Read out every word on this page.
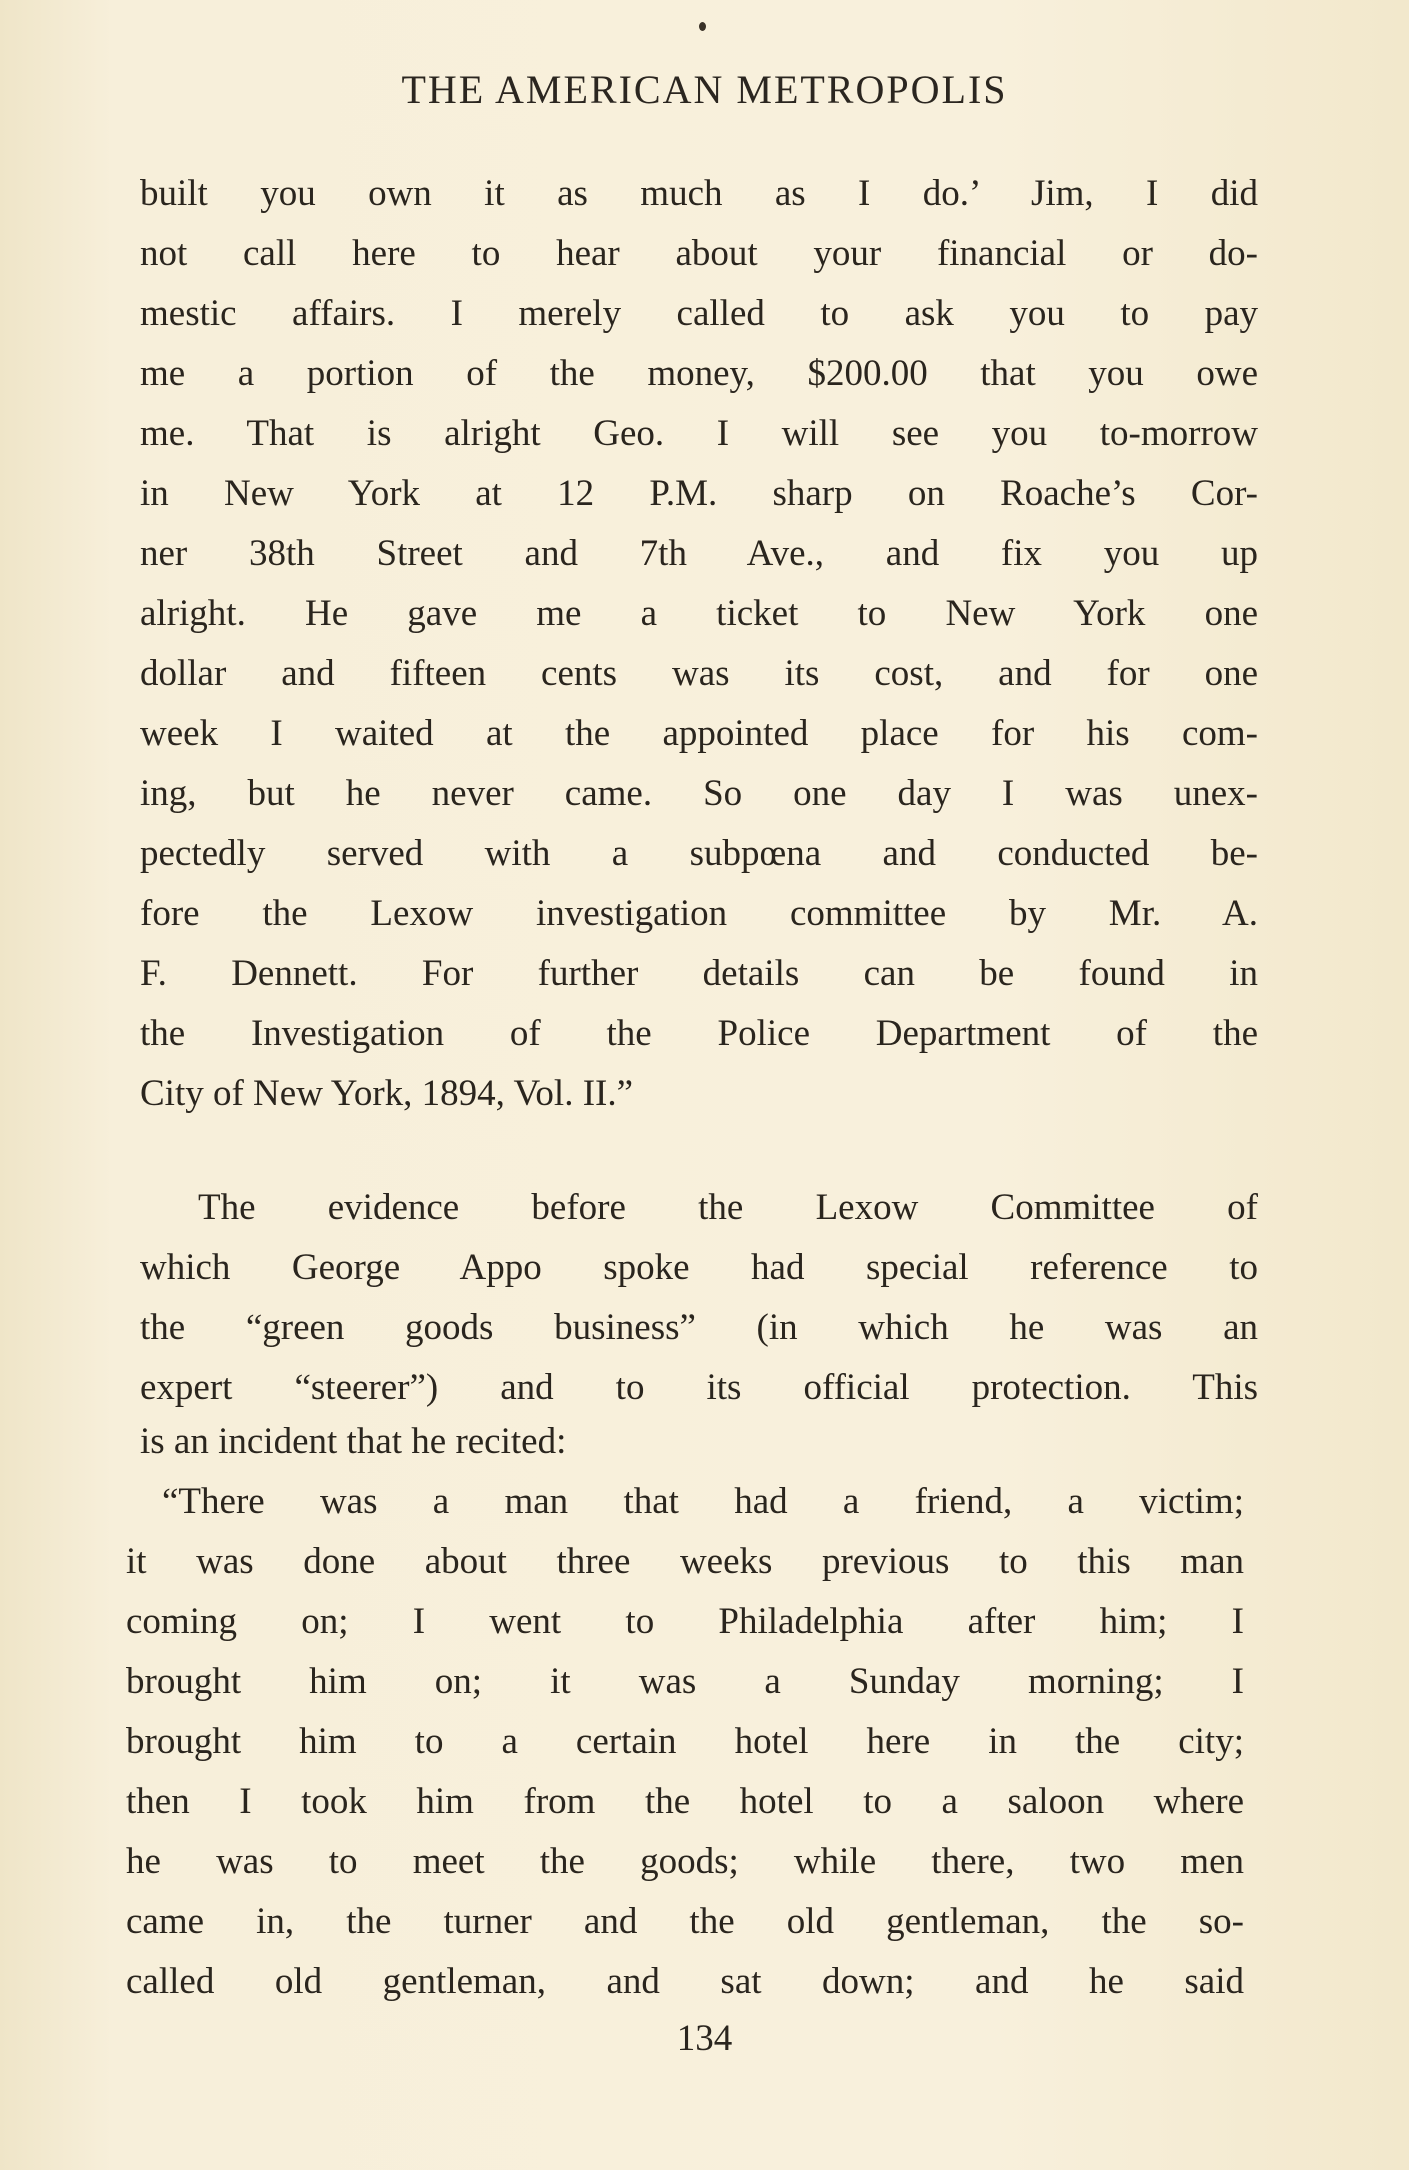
THE AMERICAN METROPOLIS
built you own it as much as I do.’ Jim, I did
not call here to hear about your financial or do-
mestic affairs. I merely called to ask you to pay
me a portion of the money, $200.00 that you owe
me. That is alright Geo. I will see you to-morrow
in New York at 12 P.M. sharp on Roache’s Cor-
ner 38th Street and 7th Ave., and fix you up
alright. He gave me a ticket to New York one
dollar and fifteen cents was its cost, and for one
week I waited at the appointed place for his com-
ing, but he never came. So one day I was unex-
pectedly served with a subpœna and conducted be-
fore the Lexow investigation committee by Mr. A.
F. Dennett. For further details can be found in
the Investigation of the Police Department of the
City of New York, 1894, Vol. II.”
The evidence before the Lexow Committee of
which George Appo spoke had special reference to
the “green goods business” (in which he was an
expert “steerer”) and to its official protection. This
is an incident that he recited:
“There was a man that had a friend, a victim;
it was done about three weeks previous to this man
coming on; I went to Philadelphia after him; I
brought him on; it was a Sunday morning; I
brought him to a certain hotel here in the city;
then I took him from the hotel to a saloon where
he was to meet the goods; while there, two men
came in, the turner and the old gentleman, the so-
called old gentleman, and sat down; and he said
134
